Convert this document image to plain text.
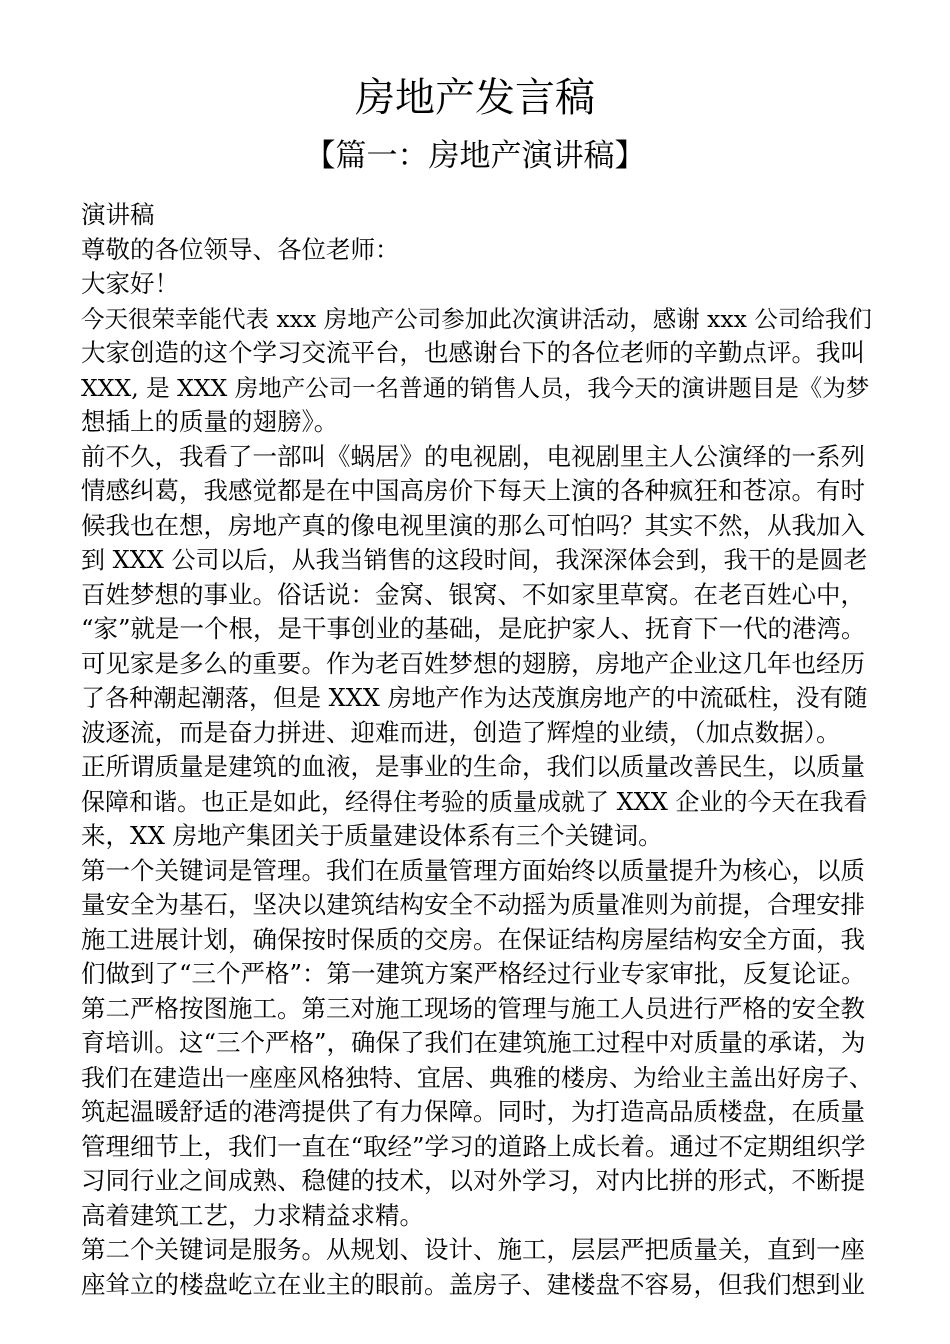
房地产发言稿
【篇一：房地产演讲稿】
演讲稿
尊敬的各位领导、各位老师：
大家好！
今天很荣幸能代表 xxx 房地产公司参加此次演讲活动，感谢 xxx 公司给我们
大家创造的这个学习交流平台，也感谢台下的各位老师的辛勤点评。我叫
XXX, 是 XXX 房地产公司一名普通的销售人员，我今天的演讲题目是《为梦
想插上的质量的翅膀》。
前不久，我看了一部叫《蜗居》的电视剧，电视剧里主人公演绎的一系列
情感纠葛，我感觉都是在中国高房价下每天上演的各种疯狂和苍凉。有时
候我也在想，房地产真的像电视里演的那么可怕吗？其实不然，从我加入
到 XXX 公司以后，从我当销售的这段时间，我深深体会到，我干的是圆老
百姓梦想的事业。俗话说：金窝、银窝、不如家里草窝。在老百姓心中，
“家”就是一个根，是干事创业的基础，是庇护家人、抚育下一代的港湾。
可见家是多么的重要。作为老百姓梦想的翅膀，房地产企业这几年也经历
了各种潮起潮落，但是 XXX 房地产作为达茂旗房地产的中流砥柱，没有随
波逐流，而是奋力拼进、迎难而进，创造了辉煌的业绩，（加点数据）。
正所谓质量是建筑的血液，是事业的生命，我们以质量改善民生，以质量
保障和谐。也正是如此，经得住考验的质量成就了 XXX 企业的今天在我看
来，XX 房地产集团关于质量建设体系有三个关键词。
第一个关键词是管理。我们在质量管理方面始终以质量提升为核心，以质
量安全为基石，坚决以建筑结构安全不动摇为质量准则为前提，合理安排
施工进展计划，确保按时保质的交房。在保证结构房屋结构安全方面，我
们做到了“三个严格”：第一建筑方案严格经过行业专家审批，反复论证。
第二严格按图施工。第三对施工现场的管理与施工人员进行严格的安全教
育培训。这“三个严格”，确保了我们在建筑施工过程中对质量的承诺，为
我们在建造出一座座风格独特、宜居、典雅的楼房、为给业主盖出好房子、
筑起温暖舒适的港湾提供了有力保障。同时，为打造高品质楼盘，在质量
管理细节上，我们一直在“取经”学习的道路上成长着。通过不定期组织学
习同行业之间成熟、稳健的技术，以对外学习，对内比拼的形式，不断提
高着建筑工艺，力求精益求精。
第二个关键词是服务。从规划、设计、施工，层层严把质量关，直到一座
座耸立的楼盘屹立在业主的眼前。盖房子、建楼盘不容易，但我们想到业
